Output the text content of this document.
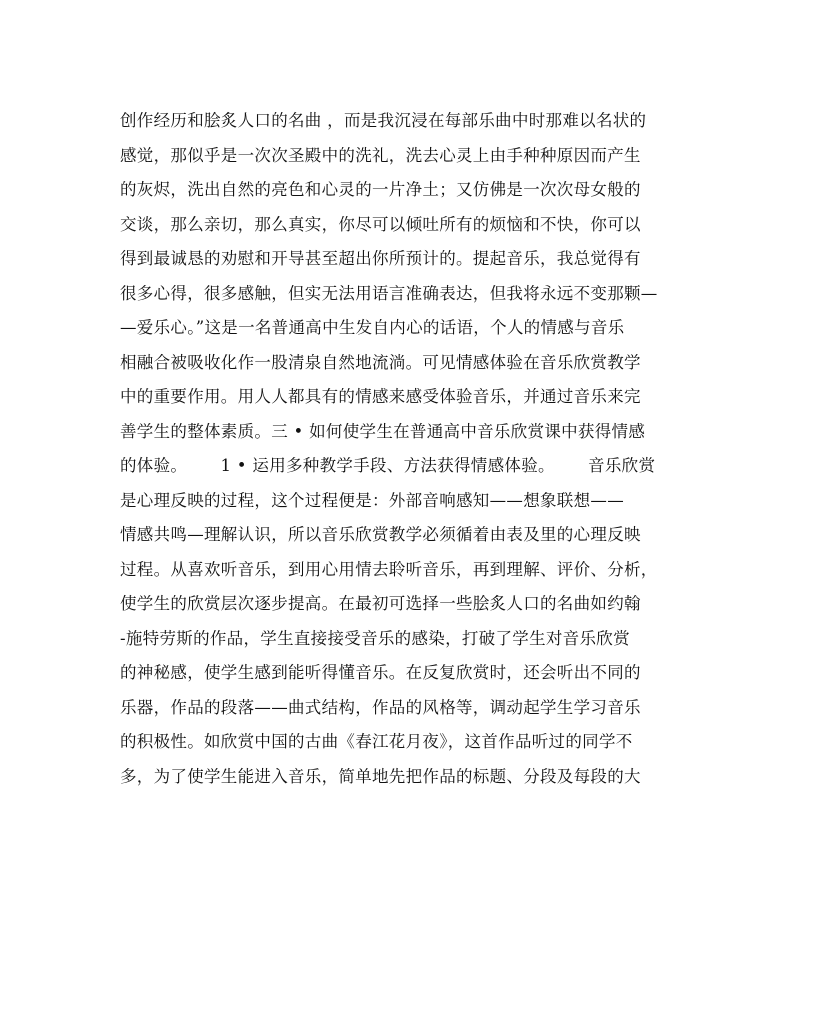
创作经历和脍炙人口的名曲 ，而是我沉浸在每部乐曲中时那难以名状的
感觉，那似乎是一次次圣殿中的洗礼，洗去心灵上由手种种原因而产生
的灰烬，洗出自然的亮色和心灵的一片净土；又仿佛是一次次母女般的
交谈，那么亲切，那么真实，你尽可以倾吐所有的烦恼和不快，你可以
得到最诚恳的劝慰和开导甚至超出你所预计的。提起音乐，我总觉得有
很多心得，很多感触，但实无法用语言准确表达，但我将永远不变那颗—
—爱乐心。”这是一名普通高中生发自内心的话语，个人的情感与音乐
相融合被吸收化作一股清泉自然地流淌。可见情感体验在音乐欣赏教学
中的重要作用。用人人都具有的情感来感受体验音乐，并通过音乐来完
善学生的整体素质。三 • 如何使学生在普通高中音乐欣赏课中获得情感
的体验。      1 • 运用多种教学手段、方法获得情感体验。      音乐欣赏
是心理反映的过程，这个过程便是：外部音响感知——想象联想——
情感共鸣—理解认识，所以音乐欣赏教学必须循着由表及里的心理反映
过程。从喜欢听音乐，到用心用情去聆听音乐，再到理解、评价、分析，
使学生的欣赏层次逐步提高。在最初可选择一些脍炙人口的名曲如约翰
-施特劳斯的作品，学生直接接受音乐的感染，打破了学生对音乐欣赏
的神秘感，使学生感到能听得懂音乐。在反复欣赏时，还会听出不同的
乐器，作品的段落——曲式结构，作品的风格等，调动起学生学习音乐
的积极性。如欣赏中国的古曲《春江花月夜》，这首作品听过的同学不
多，为了使学生能进入音乐，简单地先把作品的标题、分段及每段的大
